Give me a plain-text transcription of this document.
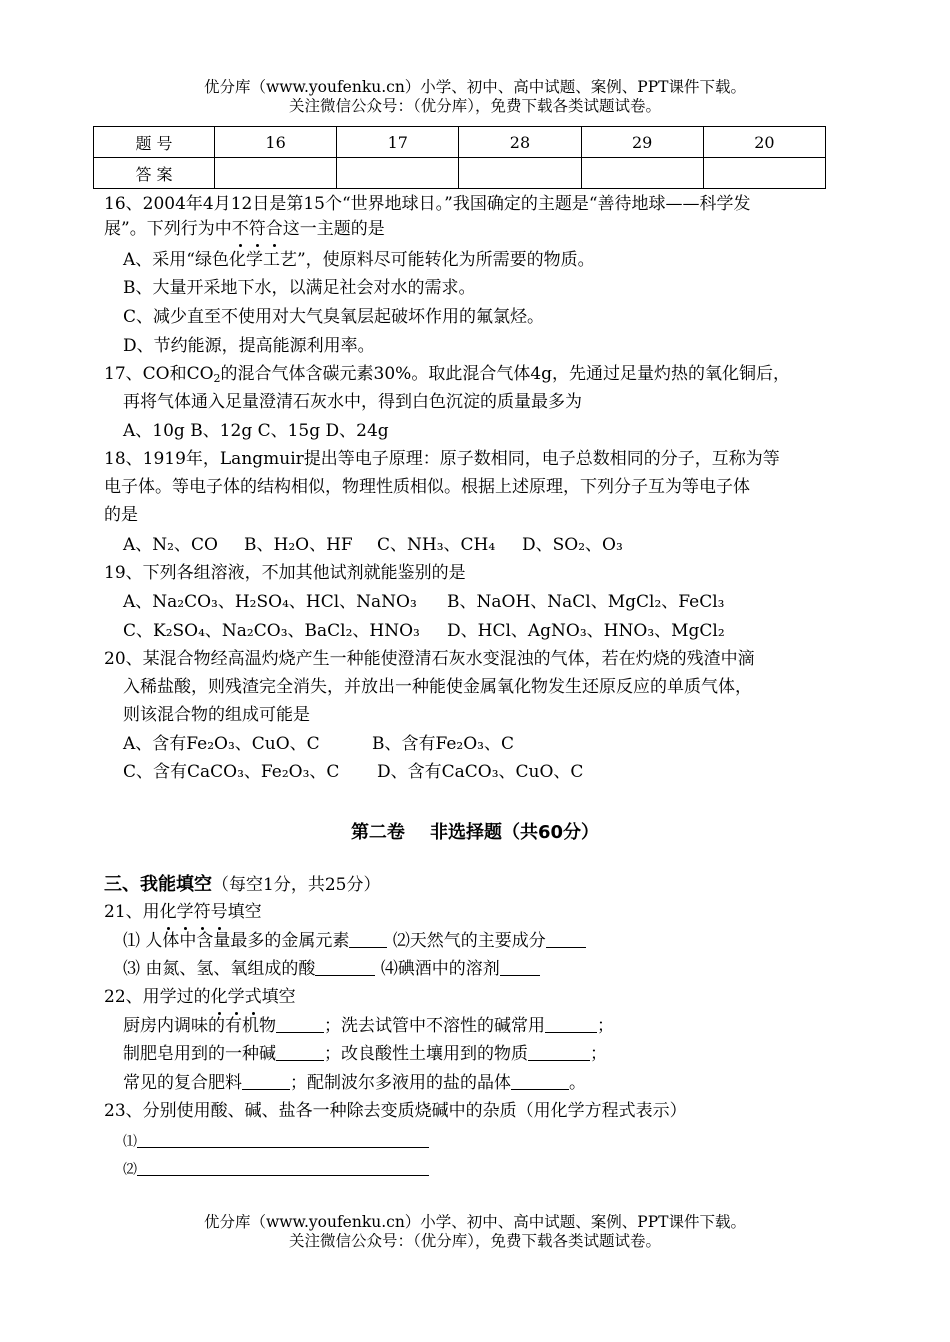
优分库（www.youfenku.cn）小学、初中、高中试题、案例、PPT课件下载。
关注微信公众号：（优分库），免费下载各类试题试卷。
题 号	16	17	28	29	20
答 案					
16、2004年4月12日是第15个“世界地球日。”我国确定的主题是“善待地球——科学发
展”。下列行为中不符合这一主题的是
A、采用“绿色化学工艺”，使原料尽可能转化为所需要的物质。
B、大量开采地下水，以满足社会对水的需求。
C、减少直至不使用对大气臭氧层起破坏作用的氟氯烃。
D、节约能源，提高能源利用率。
17、CO和$CO_2$的混合气体含碳元素30%。取此混合气体4g，先通过足量灼热的氧化铜后，
再将气体通入足量澄清石灰水中，得到白色沉淀的质量最多为
A、10g B、12g C、15g D、24g
18、1919年，Langmuir提出等电子原理：原子数相同，电子总数相同的分子，互称为等
电子体。等电子体的结构相似，物理性质相似。根据上述原理，下列分子互为等电子体
的是
A、N₂、CO B、H₂O、HF C、NH₃、CH₄ D、SO₂、O₃
19、下列各组溶液，不加其他试剂就能鉴别的是
A、Na₂CO₃、H₂SO₄、HCl、NaNO₃ B、NaOH、NaCl、MgCl₂、FeCl₃
C、K₂SO₄、Na₂CO₃、BaCl₂、HNO₃ D、HCl、AgNO₃、HNO₃、MgCl₂
20、某混合物经高温灼烧产生一种能使澄清石灰水变混浊的气体，若在灼烧的残渣中滴
入稀盐酸，则残渣完全消失，并放出一种能使金属氧化物发生还原反应的单质气体，
则该混合物的组成可能是
A、含有Fe₂O₃、CuO、C	B、含有Fe₂O₃、C
C、含有CaCO₃、Fe₂O₃、C D、含有CaCO₃、CuO、C
第二卷    非选择题（共60分）
三、我能填空（每空1分，共25分）
21、用化学符号填空
⑴ 人体中含量最多的金属元素	⑵天然气的主要成分
⑶ 由氮、氢、氧组成的酸	⑷碘酒中的溶剂
22、用学过的化学式填空
厨房内调味的有机物	；洗去试管中不溶性的碱常用	；
制肥皂用到的一种碱	；改良酸性土壤用到的物质	；
常见的复合肥料	；配制波尔多液用的盐的晶体	。
23、分别使用酸、碱、盐各一种除去变质烧碱中的杂质（用化学方程式表示）
⑴
⑵
优分库（www.youfenku.cn）小学、初中、高中试题、案例、PPT课件下载。
关注微信公众号：（优分库），免费下载各类试题试卷。
